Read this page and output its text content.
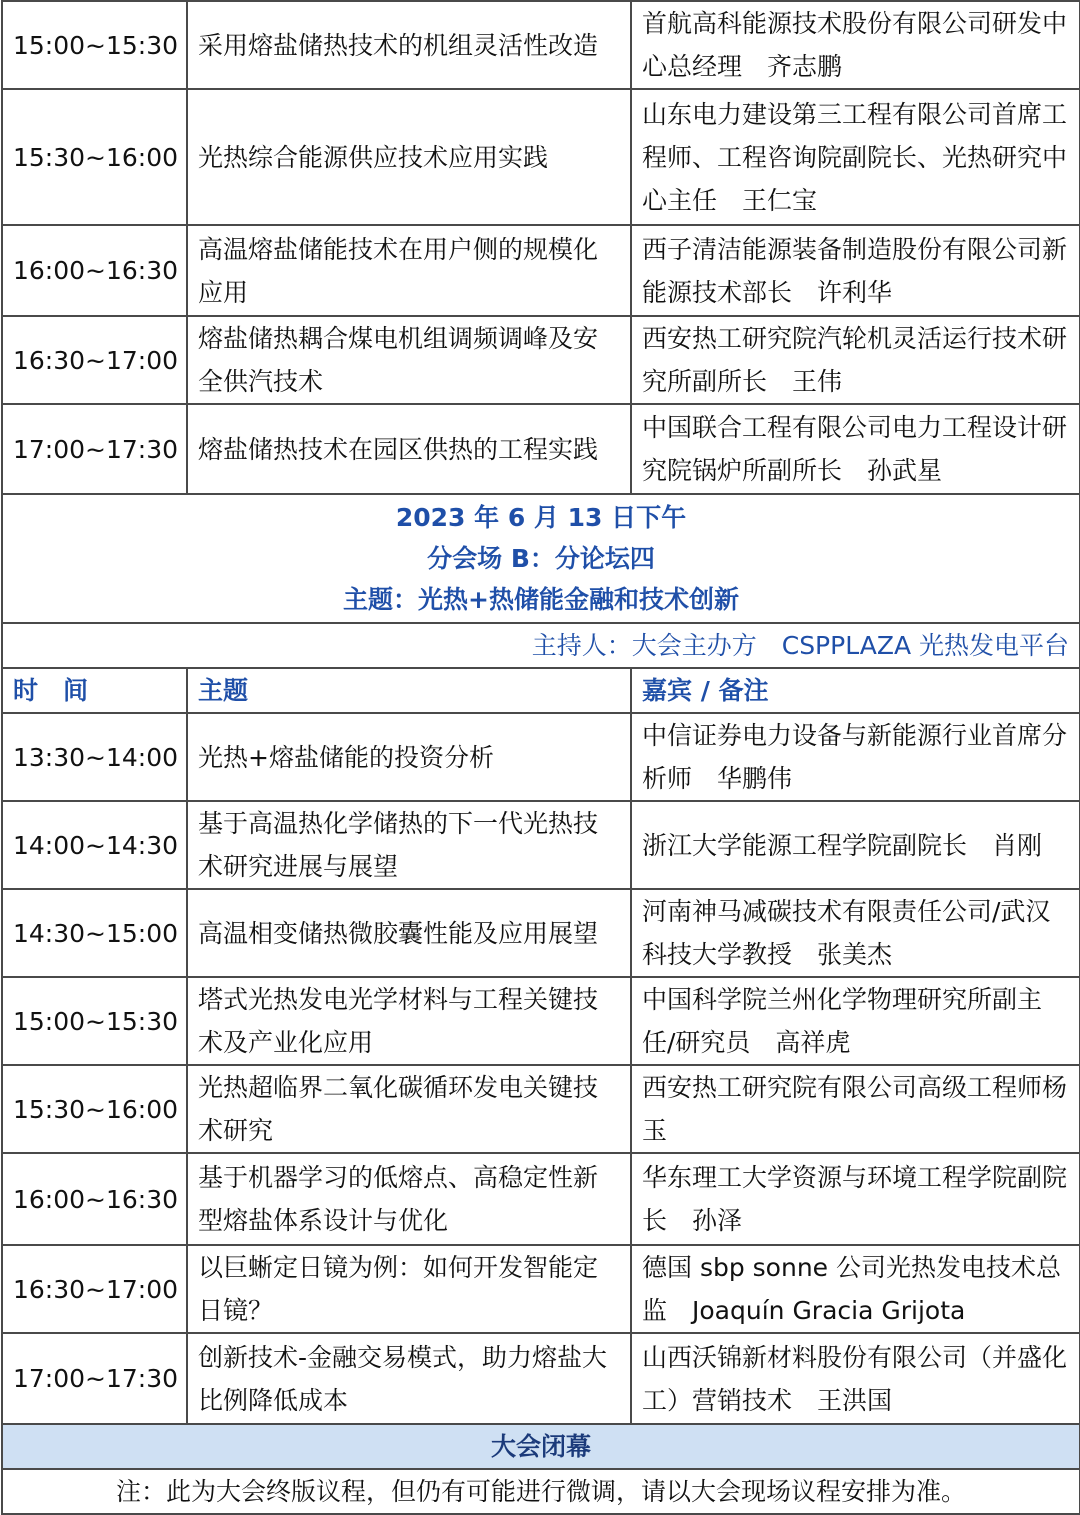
15:00~15:30	采用熔盐储热技术的机组灵活性改造	首航高科能源技术股份有限公司研发中心总经理　齐志鹏
15:30~16:00	光热综合能源供应技术应用实践	山东电力建设第三工程有限公司首席工程师、工程咨询院副院长、光热研究中心主任　王仁宝
16:00~16:30	高温熔盐储能技术在用户侧的规模化应用	西子清洁能源装备制造股份有限公司新能源技术部长　许利华
16:30~17:00	熔盐储热耦合煤电机组调频调峰及安全供汽技术	西安热工研究院汽轮机灵活运行技术研究所副所长　王伟
17:00~17:30	熔盐储热技术在园区供热的工程实践	中国联合工程有限公司电力工程设计研究院锅炉所副所长　孙武星

2023 年 6 月 13 日下午
分会场 B：分论坛四
主题：光热+热储能金融和技术创新		

主持人：大会主办方　CSPPLAZA 光热发电平台		
时　间	主题	嘉宾 / 备注
13:30~14:00	光热+熔盐储能的投资分析	中信证券电力设备与新能源行业首席分析师　华鹏伟
14:00~14:30	基于高温热化学储热的下一代光热技术研究进展与展望	浙江大学能源工程学院副院长　肖刚
14:30~15:00	高温相变储热微胶囊性能及应用展望	河南神马减碳技术有限责任公司/武汉科技大学教授　张美杰
15:00~15:30	塔式光热发电光学材料与工程关键技术及产业化应用	中国科学院兰州化学物理研究所副主任/研究员　高祥虎
15:30~16:00	光热超临界二氧化碳循环发电关键技术研究	西安热工研究院有限公司高级工程师杨玉
16:00~16:30	基于机器学习的低熔点、高稳定性新型熔盐体系设计与优化	华东理工大学资源与环境工程学院副院长　孙泽
16:30~17:00	以巨蜥定日镜为例：如何开发智能定日镜？	德国 sbp sonne 公司光热发电技术总监　Joaquín Gracia Grijota
17:00~17:30	创新技术-金融交易模式，助力熔盐大比例降低成本	山西沃锦新材料股份有限公司（并盛化工）营销技术　王洪国
大会闭幕		
注：此为大会终版议程，但仍有可能进行微调，请以大会现场议程安排为准。		
